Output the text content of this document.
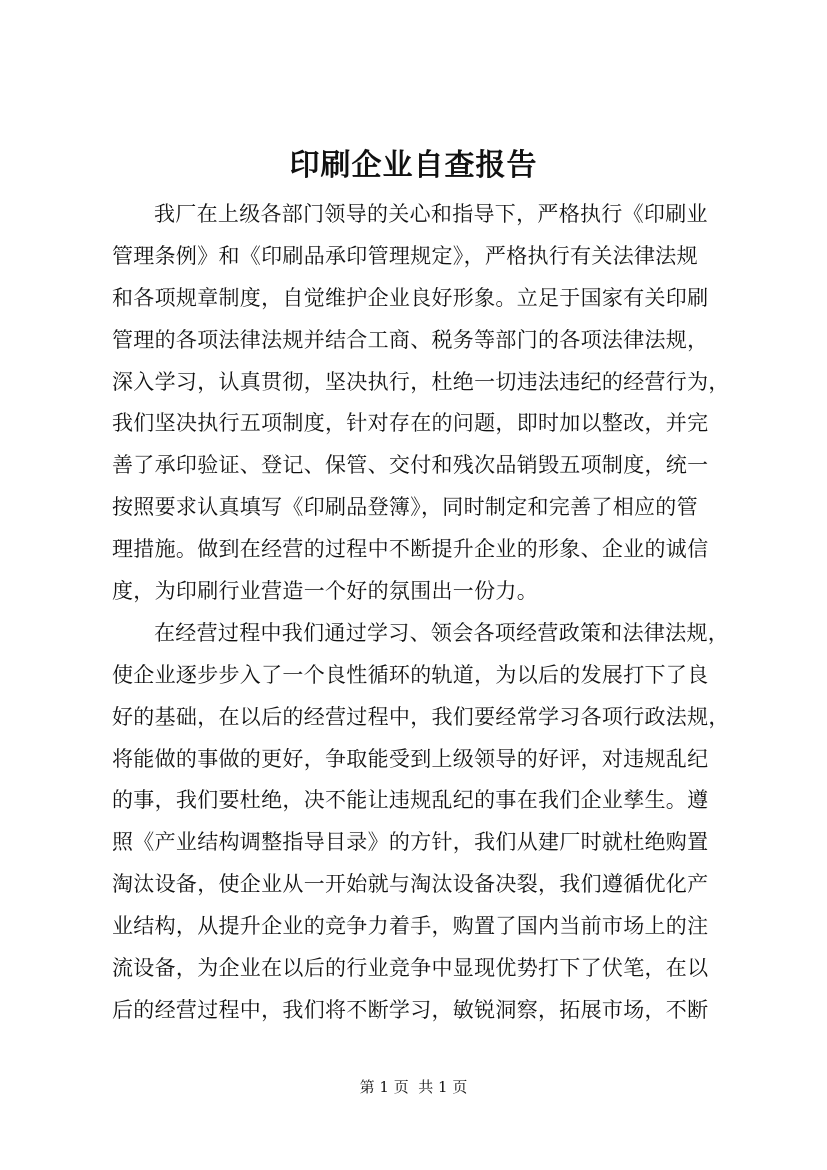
印刷企业自查报告
我厂在上级各部门领导的关心和指导下，严格执行《印刷业
管理条例》和《印刷品承印管理规定》，严格执行有关法律法规
和各项规章制度，自觉维护企业良好形象。立足于国家有关印刷
管理的各项法律法规并结合工商、税务等部门的各项法律法规，
深入学习，认真贯彻，坚决执行，杜绝一切违法违纪的经营行为，
我们坚决执行五项制度，针对存在的问题，即时加以整改，并完
善了承印验证、登记、保管、交付和残次品销毁五项制度，统一
按照要求认真填写《印刷品登簿》，同时制定和完善了相应的管
理措施。做到在经营的过程中不断提升企业的形象、企业的诚信
度，为印刷行业营造一个好的氛围出一份力。
在经营过程中我们通过学习、领会各项经营政策和法律法规，
使企业逐步步入了一个良性循环的轨道，为以后的发展打下了良
好的基础，在以后的经营过程中，我们要经常学习各项行政法规，
将能做的事做的更好，争取能受到上级领导的好评，对违规乱纪
的事，我们要杜绝，决不能让违规乱纪的事在我们企业孳生。遵
照《产业结构调整指导目录》的方针，我们从建厂时就杜绝购置
淘汰设备，使企业从一开始就与淘汰设备决裂，我们遵循优化产
业结构，从提升企业的竞争力着手，购置了国内当前市场上的注
流设备，为企业在以后的行业竞争中显现优势打下了伏笔，在以
后的经营过程中，我们将不断学习，敏锐洞察，拓展市场，不断
第 1 页  共 1 页
